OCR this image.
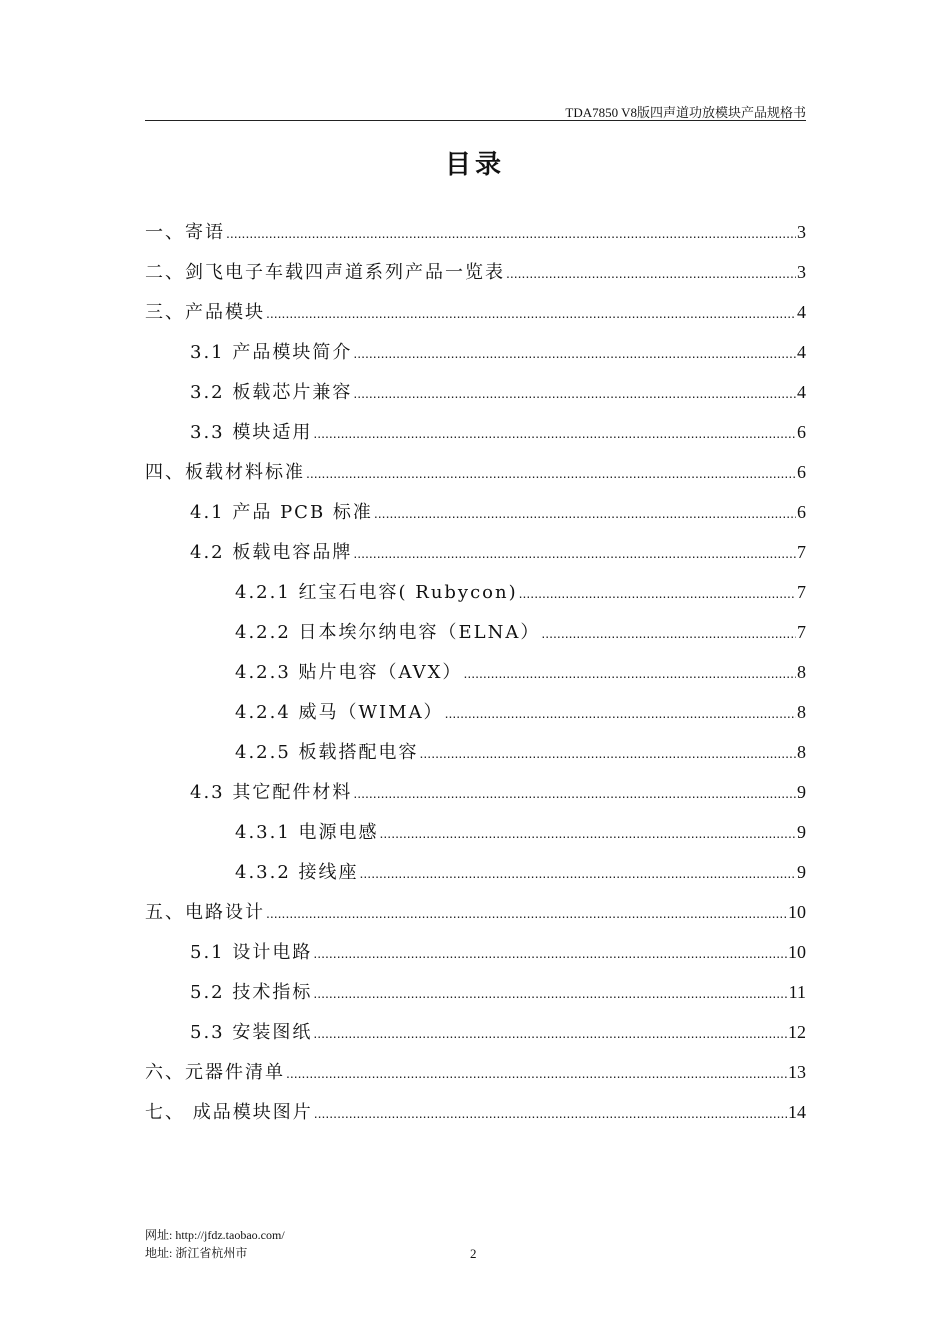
TDA7850 V8版四声道功放模块产品规格书
目录
一、寄语 .....	3
二、剑飞电子车载四声道系列产品一览表 .....	3
三、产品模块 .....	4
3.1 产品模块简介 .....	4
3.2 板载芯片兼容 .....	4
3.3 模块适用 .....	6
四、板载材料标准 .....	6
4.1 产品 PCB 标准 .....	6
4.2 板载电容品牌 .....	7
4.2.1 红宝石电容( Rubycon) .....	7
4.2.2 日本埃尔纳电容（ELNA） .....	7
4.2.3 贴片电容（AVX） .....	8
4.2.4 威马（WIMA） .....	8
4.2.5 板载搭配电容 .....	8
4.3 其它配件材料 .....	9
4.3.1 电源电感 .....	9
4.3.2 接线座 .....	9
五、电路设计 .....	10
5.1 设计电路 .....	10
5.2 技术指标 .....	11
5.3 安装图纸 .....	12
六、元器件清单 .....	13
七、 成品模块图片 .....	14
网址: http://jfdz.taobao.com/
地址: 浙江省杭州市	2
